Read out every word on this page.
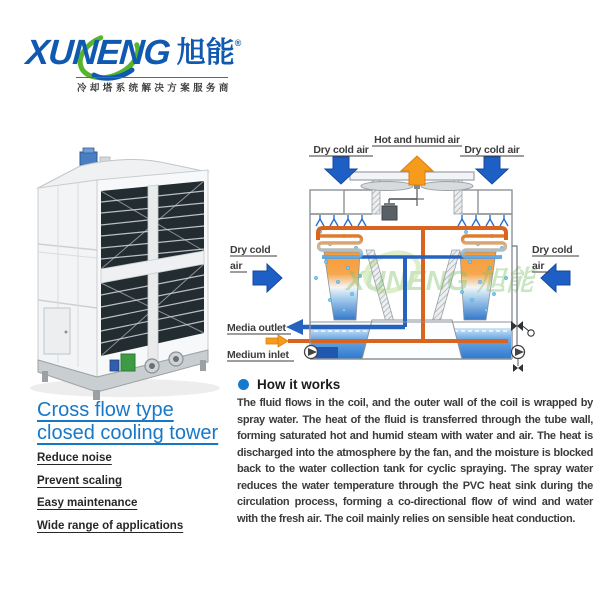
XUNENG 旭能®
冷却塔系统解决方案服务商
XUNENG 旭能
Dry cold air
Hot and humid air
Dry cold air
Dry cold
air
Dry cold
air
Media outlet
Medium inlet
Cross flow type
closed cooling tower
Reduce noise
Prevent scaling
Easy maintenance
Wide range of applications
How it works

The fluid flows in the coil, and the outer wall of the coil is wrapped by spray water. The heat of the fluid is transferred through the tube wall, forming saturated hot and humid steam with water and air. The heat is discharged into the atmosphere by the fan, and the moisture is blocked back to the water collection tank for cyclic spraying. The spray water reduces the water temperature through the PVC heat sink during the circulation process, forming a co-directional flow of wind and water with the fresh air. The coil mainly relies on sensible heat conduction.
